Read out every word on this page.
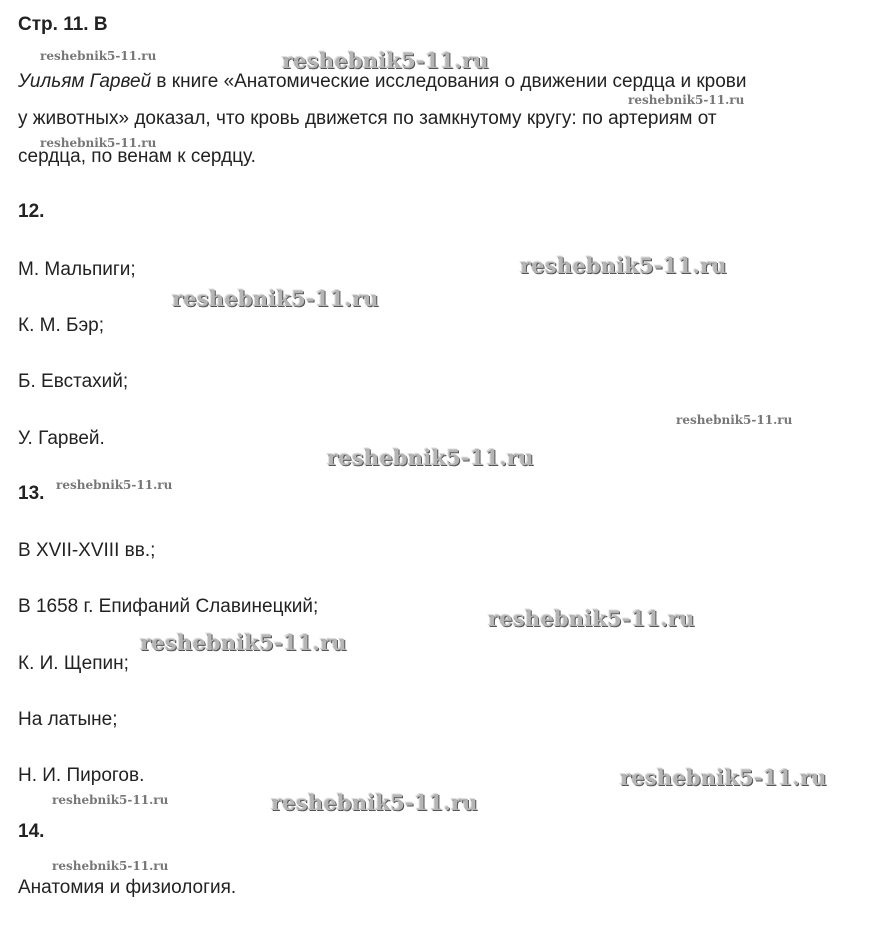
Стр. 11. В
Уильям Гарвей в книге «Анатомические исследования о движении сердца и крови
у животных» доказал, что кровь движется по замкнутому кругу: по артериям от
сердца, по венам к сердцу.
12.
М. Мальпиги;
К. М. Бэр;
Б. Евстахий;
У. Гарвей.
13.
В XVII-XVIII вв.;
В 1658 г. Епифаний Славинецкий;
К. И. Щепин;
На латыне;
Н. И. Пирогов.
14.
Анатомия и физиология.
reshebnik5-11.ru	reshebnik5-11.ru
reshebnik5-11.ru
reshebnik5-11.ru
reshebnik5-11.ru
reshebnik5-11.ru
reshebnik5-11.ru
reshebnik5-11.ru
reshebnik5-11.ru
reshebnik5-11.ru
reshebnik5-11.ru
reshebnik5-11.ru
reshebnik5-11.ru	reshebnik5-11.ru
reshebnik5-11.ru
